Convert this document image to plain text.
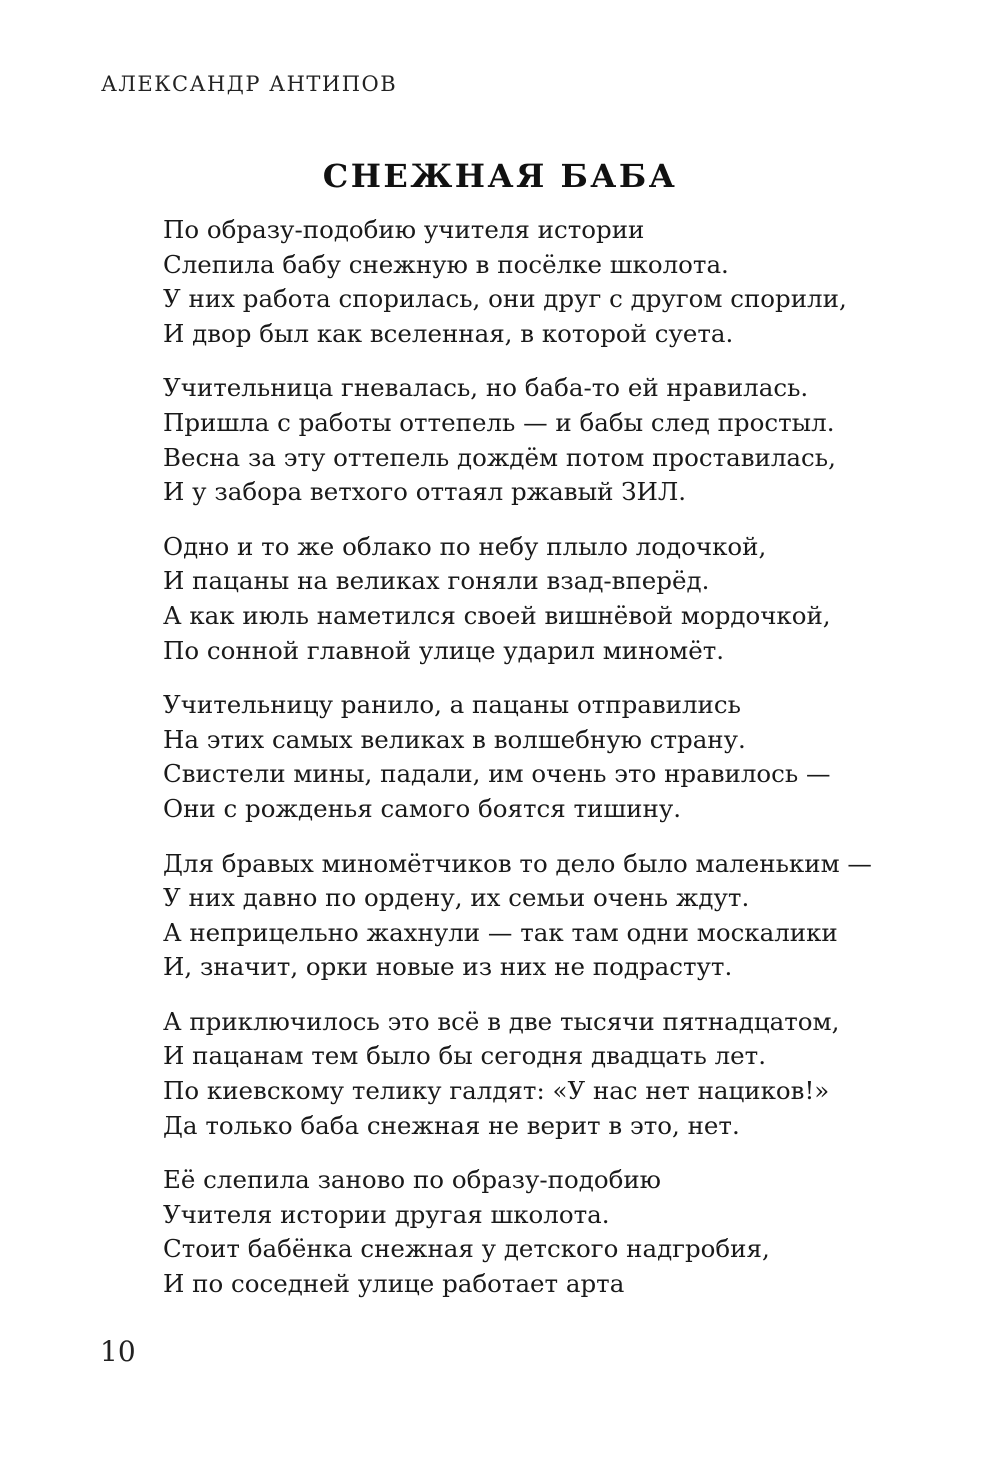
АЛЕКСАНДР АНТИПОВ
СНЕЖНАЯ БАБА
По образу-подобию учителя истории
Слепила бабу снежную в посёлке школота.
У них работа спорилась, они друг с другом спорили,
И двор был как вселенная, в которой суета.
Учительница гневалась, но баба-то ей нравилась.
Пришла с работы оттепель — и бабы след простыл.
Весна за эту оттепель дождём потом проставилась,
И у забора ветхого оттаял ржавый ЗИЛ.
Одно и то же облако по небу плыло лодочкой,
И пацаны на великах гоняли взад-вперёд.
А как июль наметился своей вишнёвой мордочкой,
По сонной главной улице ударил миномёт.
Учительницу ранило, а пацаны отправились
На этих самых великах в волшебную страну.
Свистели мины, падали, им очень это нравилось —
Они с рожденья самого боятся тишину.
Для бравых миномётчиков то дело было маленьким —
У них давно по ордену, их семьи очень ждут.
А неприцельно жахнули — так там одни москалики
И, значит, орки новые из них не подрастут.
А приключилось это всё в две тысячи пятнадцатом,
И пацанам тем было бы сегодня двадцать лет.
По киевскому телику галдят: «У нас нет нациков!»
Да только баба снежная не верит в это, нет.
Её слепила заново по образу-подобию
Учителя истории другая школота.
Стоит бабёнка снежная у детского надгробия,
И по соседней улице работает арта
10
